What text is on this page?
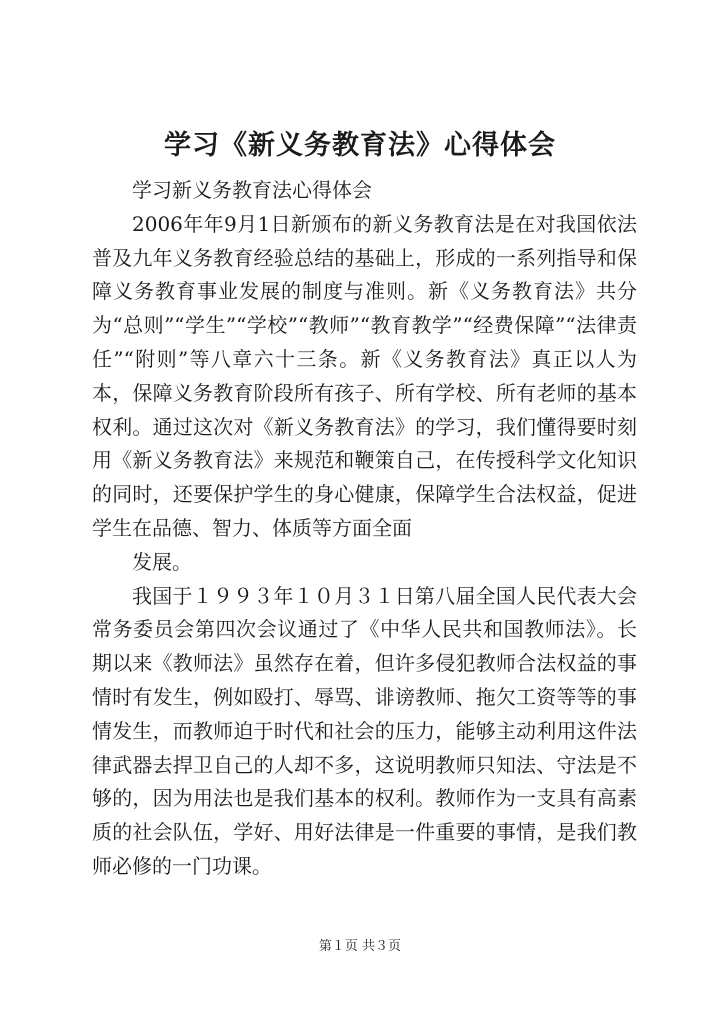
学习《新义务教育法》心得体会

学习新义务教育法心得体会

2006年年9月1日新颁布的新义务教育法是在对我国依法普及九年义务教育经验总结的基础上，形成的一系列指导和保障义务教育事业发展的制度与准则。新《义务教育法》共分为“总则”“学生”“学校”“教师”“教育教学”“经费保障”“法律责任”“附则”等八章六十三条。新《义务教育法》真正以人为本，保障义务教育阶段所有孩子、所有学校、所有老师的基本权利。通过这次对《新义务教育法》的学习，我们懂得要时刻用《新义务教育法》来规范和鞭策自己，在传授科学文化知识的同时，还要保护学生的身心健康，保障学生合法权益，促进学生在品德、智力、体质等方面全面

发展。

我国于１９９３年１０月３１日第八届全国人民代表大会常务委员会第四次会议通过了《中华人民共和国教师法》。长期以来《教师法》虽然存在着，但许多侵犯教师合法权益的事情时有发生，例如殴打、辱骂、诽谤教师、拖欠工资等等的事情发生，而教师迫于时代和社会的压力，能够主动利用这件法律武器去捍卫自己的人却不多，这说明教师只知法、守法是不够的，因为用法也是我们基本的权利。教师作为一支具有高素质的社会队伍，学好、用好法律是一件重要的事情，是我们教师必修的一门功课。

第１页 共３页
